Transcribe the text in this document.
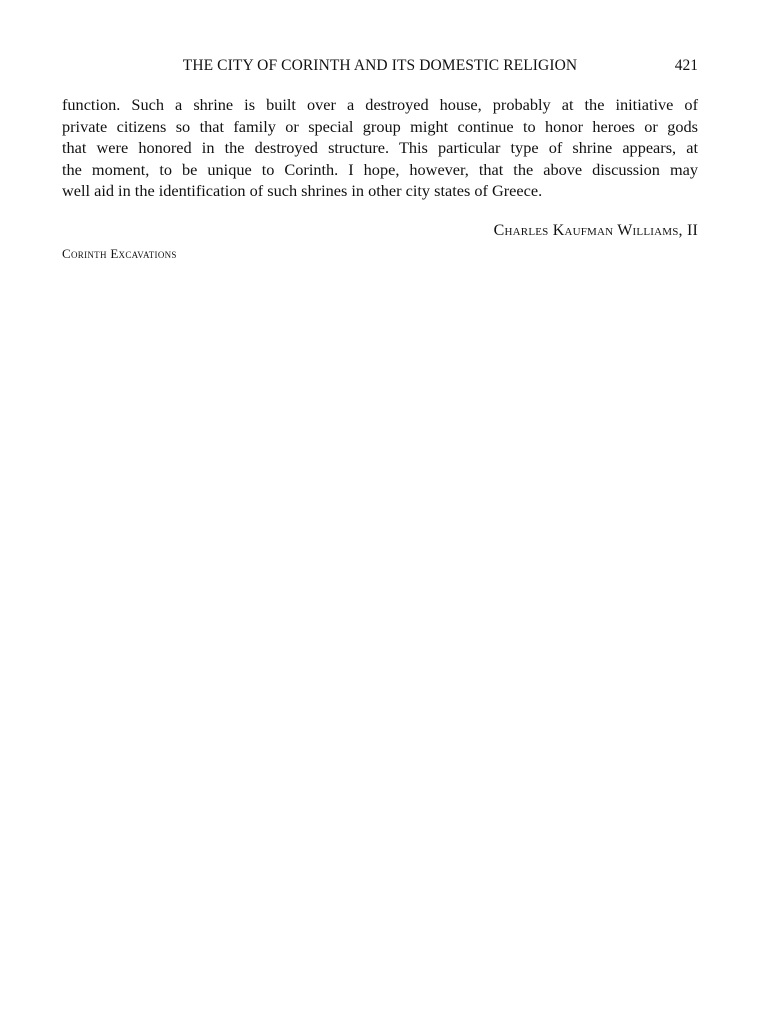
THE CITY OF CORINTH AND ITS DOMESTIC RELIGION	421

function. Such a shrine is built over a destroyed house, probably at the initiative of
private citizens so that family or special group might continue to honor heroes or gods
that were honored in the destroyed structure. This particular type of shrine appears, at
the moment, to be unique to Corinth. I hope, however, that the above discussion may
well aid in the identification of such shrines in other city states of Greece.

Charles Kaufman Williams, II
Corinth Excavations
